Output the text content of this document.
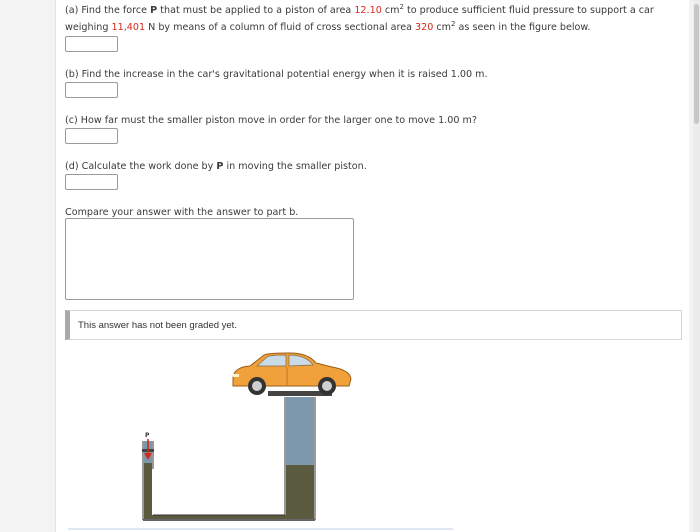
(a) Find the force P that must be applied to a piston of area 12.10 $cm^2$ to produce sufficient fluid pressure to support a car
weighing 11,401 N by means of a column of fluid of cross sectional area 320 $cm^2$ as seen in the figure below.
(b) Find the increase in the car's gravitational potential energy when it is raised 1.00 m.
(c) How far must the smaller piston move in order for the larger one to move 1.00 m?
(d) Calculate the work done by P in moving the smaller piston.
Compare your answer with the answer to part b.
This answer has not been graded yet.
P
